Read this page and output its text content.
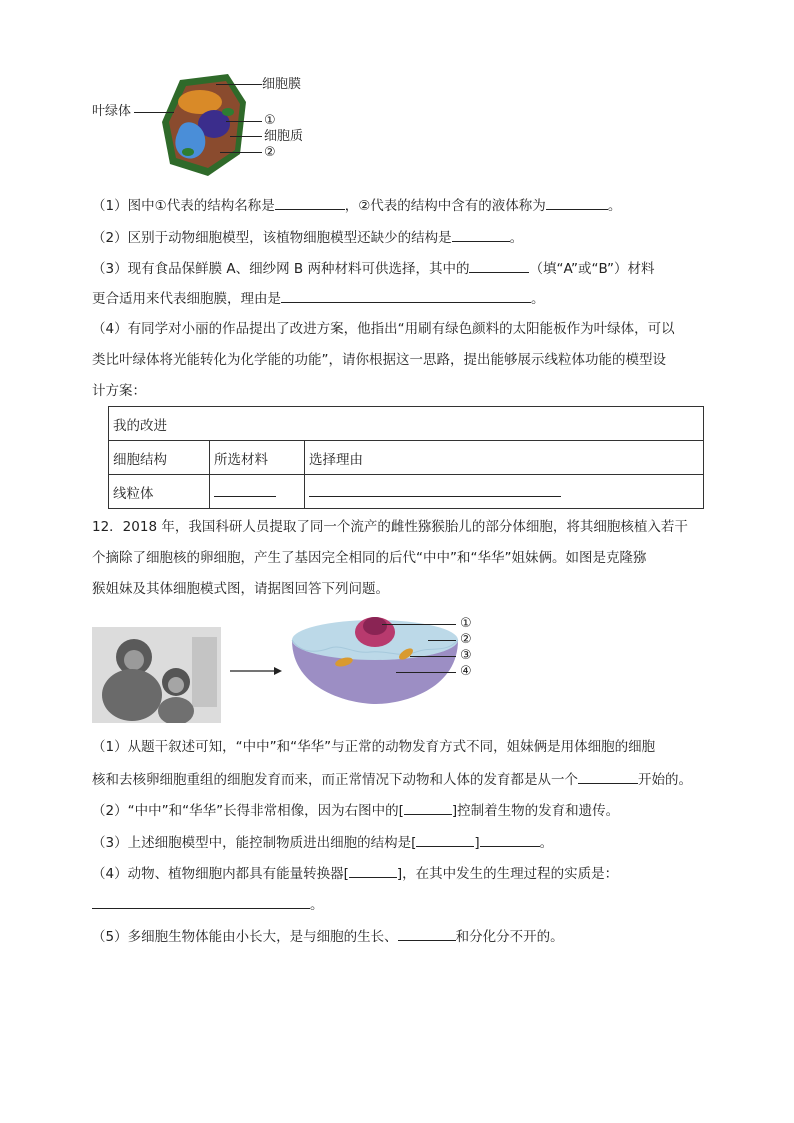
细胞膜
叶绿体
①
细胞质
②
（1）图中①代表的结构名称是	，②代表的结构中含有的液体称为	。
（2）区别于动物细胞模型，该植物细胞模型还缺少的结构是	。
（3）现有食品保鲜膜 A、细纱网 B 两种材料可供选择，其中的	（填“A”或“B”）材料
更合适用来代表细胞膜，理由是	。
（4）有同学对小丽的作品提出了改进方案，他指出“用刷有绿色颜料的太阳能板作为叶绿体，可以
类比叶绿体将光能转化为化学能的功能”，请你根据这一思路，提出能够展示线粒体功能的模型设
计方案：
我的改进		
细胞结构	所选材料	选择理由
线粒体		
12．2018 年，我国科研人员提取了同一个流产的雌性猕猴胎儿的部分体细胞，将其细胞核植入若干
个摘除了细胞核的卵细胞，产生了基因完全相同的后代“中中”和“华华”姐妹俩。如图是克隆猕
猴姐妹及其体细胞模式图，请据图回答下列问题。
①
②
③
④
（1）从题干叙述可知，“中中”和“华华”与正常的动物发育方式不同，姐妹俩是用体细胞的细胞
核和去核卵细胞重组的细胞发育而来，而正常情况下动物和人体的发育都是从一个	开始的。
（2）“中中”和“华华”长得非常相像，因为右图中的[	]控制着生物的发育和遗传。
（3）上述细胞模型中，能控制物质进出细胞的结构是[	]	。
（4）动物、植物细胞内都具有能量转换器[	]，在其中发生的生理过程的实质是：
。
（5）多细胞生物体能由小长大，是与细胞的生长、	和分化分不开的。
